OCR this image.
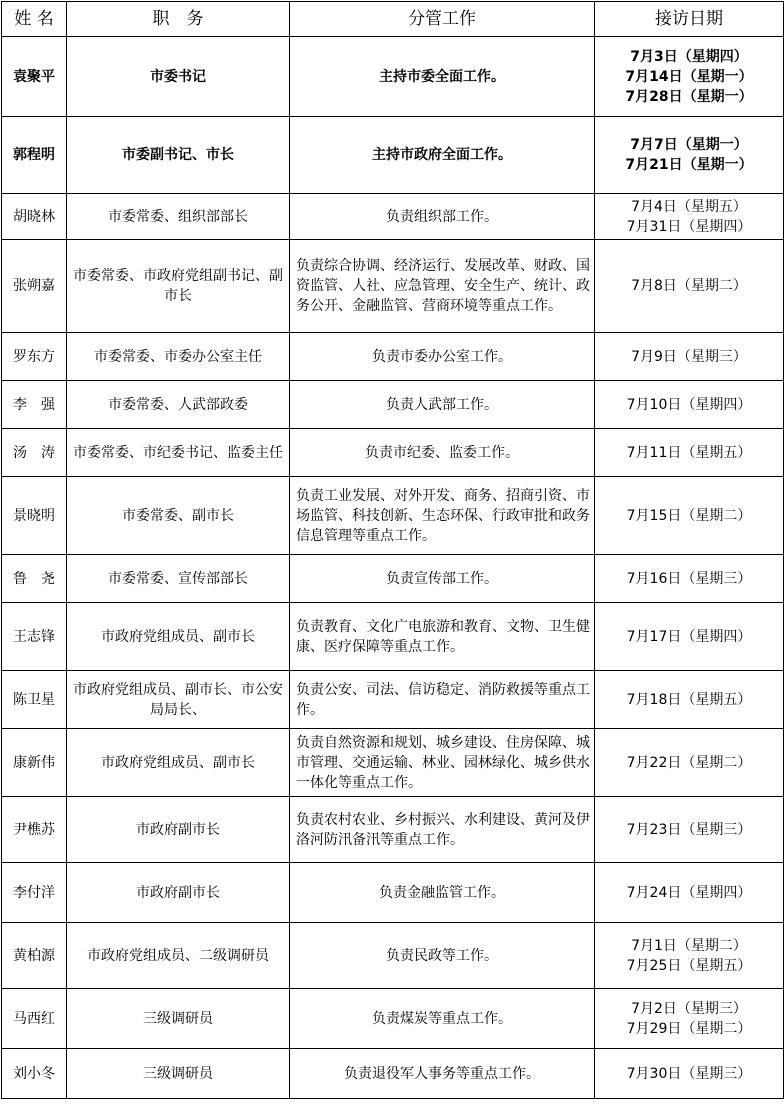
姓 名	职　务	分管工作	接访日期
袁聚平	市委书记	主持市委全面工作。	7月3日（星期四）
7月14日（星期一）
7月28日（星期一）

郭程明	市委副书记、市长	主持市政府全面工作。	7月7日（星期一）
7月21日（星期一）

胡晓林	市委常委、组织部部长	负责组织部工作。	7月4日（星期五）
7月31日（星期四）

张朔嘉	市委常委、市政府党组副书记、副市长	负责综合协调、经济运行、发展改革、财政、国资监管、人社、应急管理、安全生产、统计、政务公开、金融监管、营商环境等重点工作。	7月8日（星期二）

罗东方	市委常委、市委办公室主任	负责市委办公室工作。	7月9日（星期三）

李　强	市委常委、人武部政委	负责人武部工作。	7月10日（星期四）

汤　涛	市委常委、市纪委书记、监委主任	负责市纪委、监委工作。	7月11日（星期五）

景晓明	市委常委、副市长	负责工业发展、对外开发、商务、招商引资、市场监管、科技创新、生态环保、行政审批和政务信息管理等重点工作。	7月15日（星期二）

鲁　尧	市委常委、宣传部部长	负责宣传部工作。	7月16日（星期三）

王志锋	市政府党组成员、副市长	负责教育、文化广电旅游和教育、文物、卫生健康、医疗保障等重点工作。	7月17日（星期四）

陈卫星	市政府党组成员、副市长、市公安局局长、	负责公安、司法、信访稳定、消防救援等重点工作。	7月18日（星期五）

康新伟	市政府党组成员、副市长	负责自然资源和规划、城乡建设、住房保障、城市管理、交通运输、林业、园林绿化、城乡供水一体化等重点工作。	7月22日（星期二）

尹樵苏	市政府副市长	负责农村农业、乡村振兴、水利建设、黄河及伊洛河防汛备汛等重点工作。	7月23日（星期三）

李付洋	市政府副市长	负责金融监管工作。	7月24日（星期四）

黄柏源	市政府党组成员、二级调研员	负责民政等工作。	7月1日（星期二）
7月25日（星期五）

马西红	三级调研员	负责煤炭等重点工作。	7月2日（星期三）
7月29日（星期二）

刘小冬	三级调研员	负责退役军人事务等重点工作。	7月30日（星期三）
